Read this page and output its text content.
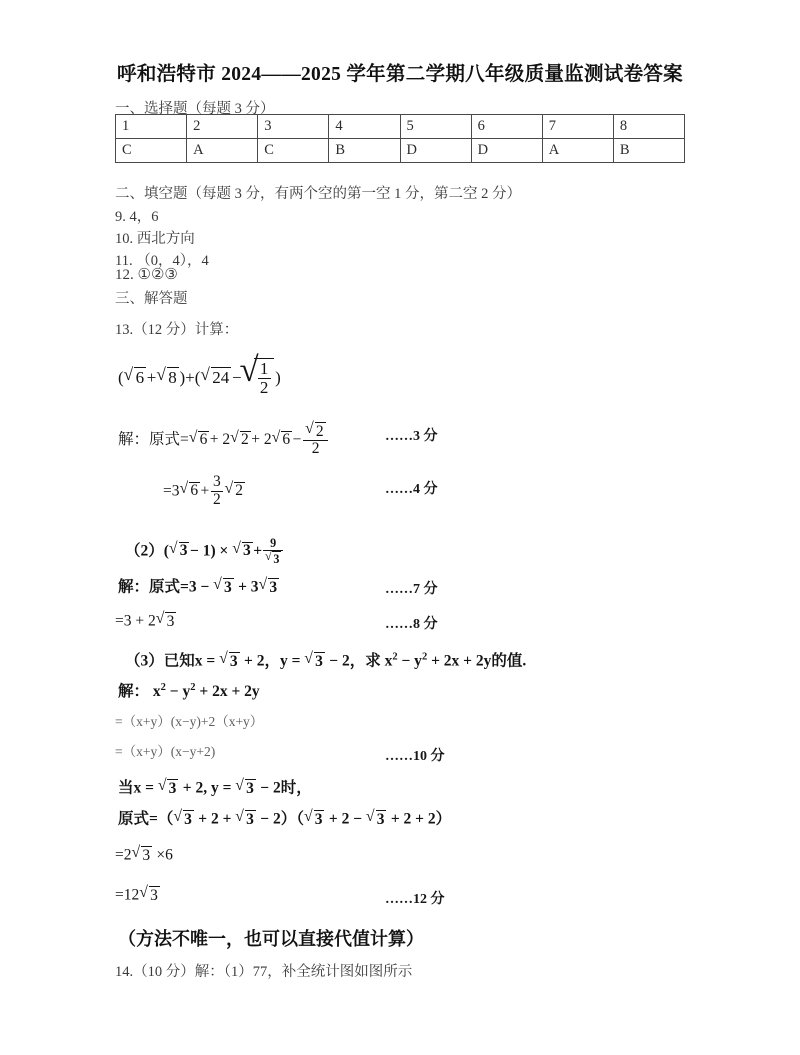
呼和浩特市 2024——2025 学年第二学期八年级质量监测试卷答案
一、选择题（每题 3 分）
1	2	3	4	5	6	7	8
C	A	C	B	D	D	A	B
二、填空题（每题 3 分，有两个空的第一空 1 分，第二空 2 分）
9. 4，6
10. 西北方向
11. （0，4），4
12. ①②③
三、解答题
13.（12 分）计算：
( √ 6 + √ 8 )+( √ 24 − √ $\frac{1}{2}$ )
解：原式= √ 6 + 2 √ 2 + 2 √ 6 − √ $\frac{2}{2}$	……3 分
=3 √ $6 + \frac{3}{2}$ √ 2	……4 分
（2）( √ 3 − 1) × √ 3 + 9
√ 3
解：原式=3 − √ 3 + 3 √ 3	……7 分
=3 + 2 √ 3	……8 分
（3）已知x = √ 3 + 2，y = √ 3 − 2，求 $x^2 - y^2 + 2x + 2y$的值.
解： $x^2 - y^2 + 2x + 2y$
=（x+y）(x−y)+2（x+y）
=（x+y）(x−y+2)	……10 分
当x = √ 3 + 2, y = √ 3 − 2时，
原式=（ √ 3 + 2 + √ 3 − 2）（ √ 3 + 2 − √ 3 + 2 + 2）
=2 √ 3 ×6
=12 √ 3	……12 分
（方法不唯一，也可以直接代值计算）
14.（10 分）解：（1）77，补全统计图如图所示
